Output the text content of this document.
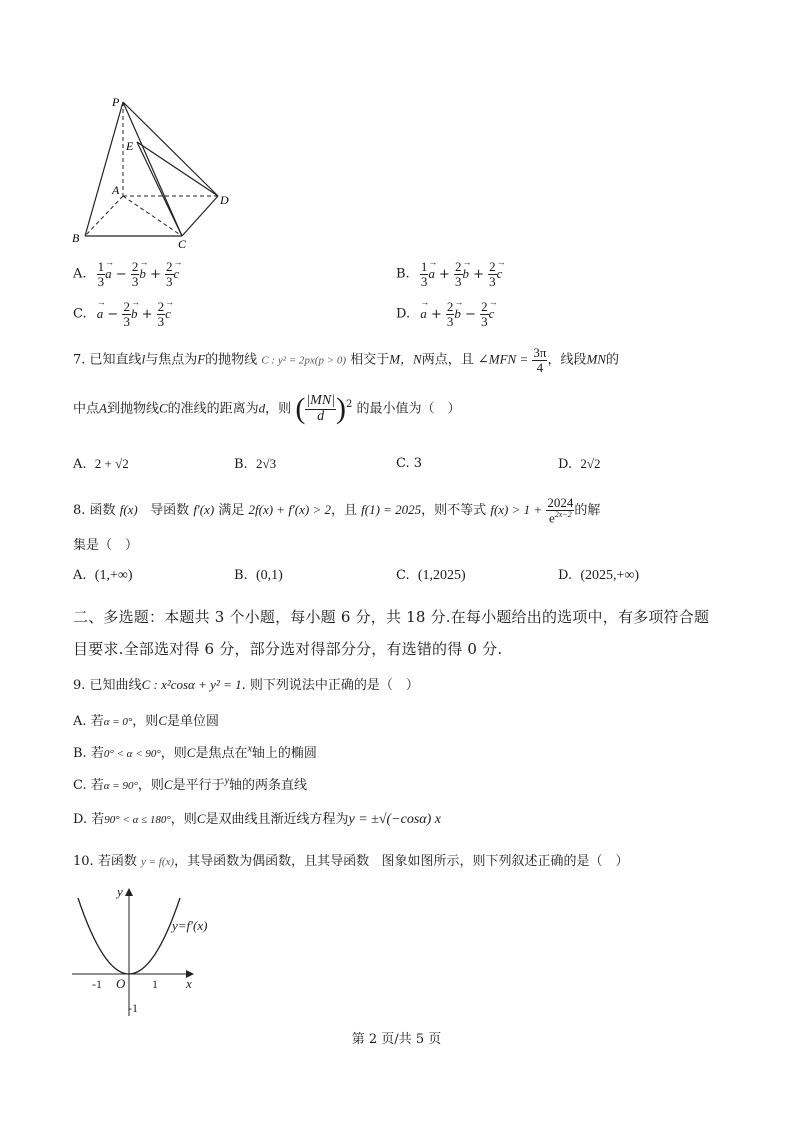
P
E
A
D
B	C
A. $\frac{1}{3} \to a - \frac{2}{3} \to b + \frac{2}{3} \to c$	B. $\frac{1}{3} \to a + \frac{2}{3} \to b + \frac{2}{3} \to c$
C. → $a - \frac{2}{3} \to b + \frac{2}{3} \to c$	D. → $a + \frac{2}{3} \to b - \frac{2}{3} \to c$
7. 已知直线l与焦点为F的抛物线 C : y² = 2px(p > 0) 相交于M，N两点，且 ∠MFN = $\frac{3\pi}{4}$ ，线段MN的
中点A到抛物线C的准线的距离为d，则 ( $\frac{|MN|}{d} )^2$ 的最小值为（　）
A. 2 + √2	B. 2√3	C. 3	D. 2√2
8. 函数 f(x) 导函数 f′(x) 满足 2f(x) + f′(x) > 2，且 f(1) = 2025，则不等式 $f(x) > 1 + \frac{2024}{e^{2x-2}}$ 的解
集是（　）
A. (1,+∞)	B. (0,1)	C. (1,2025)	D. (2025,+∞)
二、多选题：本题共 3 个小题，每小题 6 分，共 18 分.在每小题给出的选项中，有多项符合题
目要求.全部选对得 6 分，部分选对得部分分，有选错的得 0 分.
9. 已知曲线C : x²cosα + y² = 1. 则下列说法中正确的是（　）
A. 若α = 0°，则C是单位圆
B. 若0° < α < 90°，则C是焦点在$^x$轴上的椭圆
C. 若α = 90°，则C是平行于$^y$轴的两条直线
D. 若90° < α ≤ 180°，则C是双曲线且渐近线方程为y = ±√(−cosα) x
10. 若函数 y = f(x)，其导函数为偶函数，且其导函数 图象如图所示，则下列叙述正确的是（　）
y=f′(x)
x
y
O
-1	1
-1
第 2 页/共 5 页
